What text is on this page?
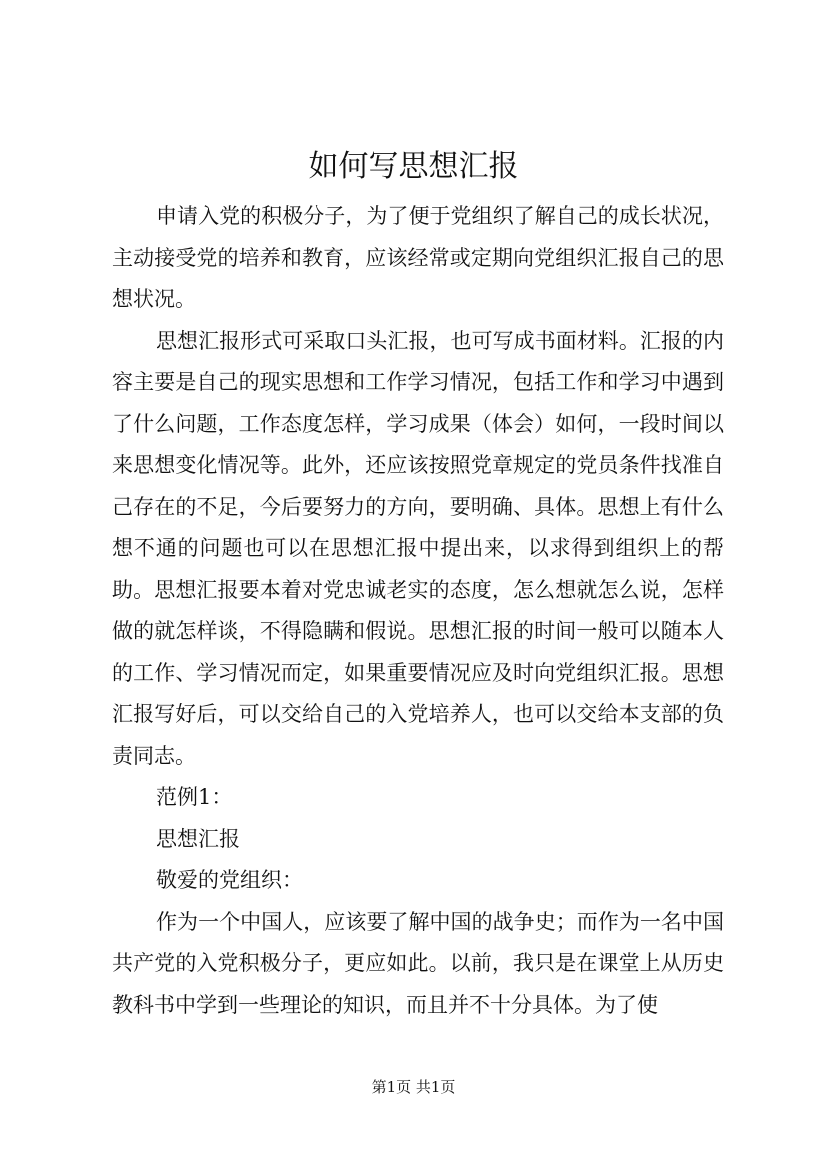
如何写思想汇报

申请入党的积极分子，为了便于党组织了解自己的成长状况，主动接受党的培养和教育，应该经常或定期向党组织汇报自己的思想状况。

思想汇报形式可采取口头汇报，也可写成书面材料。汇报的内容主要是自己的现实思想和工作学习情况，包括工作和学习中遇到了什么问题，工作态度怎样，学习成果（体会）如何，一段时间以来思想变化情况等。此外，还应该按照党章规定的党员条件找准自己存在的不足，今后要努力的方向，要明确、具体。思想上有什么想不通的问题也可以在思想汇报中提出来，以求得到组织上的帮助。思想汇报要本着对党忠诚老实的态度，怎么想就怎么说，怎样做的就怎样谈，不得隐瞒和假说。思想汇报的时间一般可以随本人的工作、学习情况而定，如果重要情况应及时向党组织汇报。思想汇报写好后，可以交给自己的入党培养人，也可以交给本支部的负责同志。

范例1：

思想汇报

敬爱的党组织：

作为一个中国人，应该要了解中国的战争史；而作为一名中国共产党的入党积极分子，更应如此。以前，我只是在课堂上从历史教科书中学到一些理论的知识，而且并不十分具体。为了使

第1页 共1页
